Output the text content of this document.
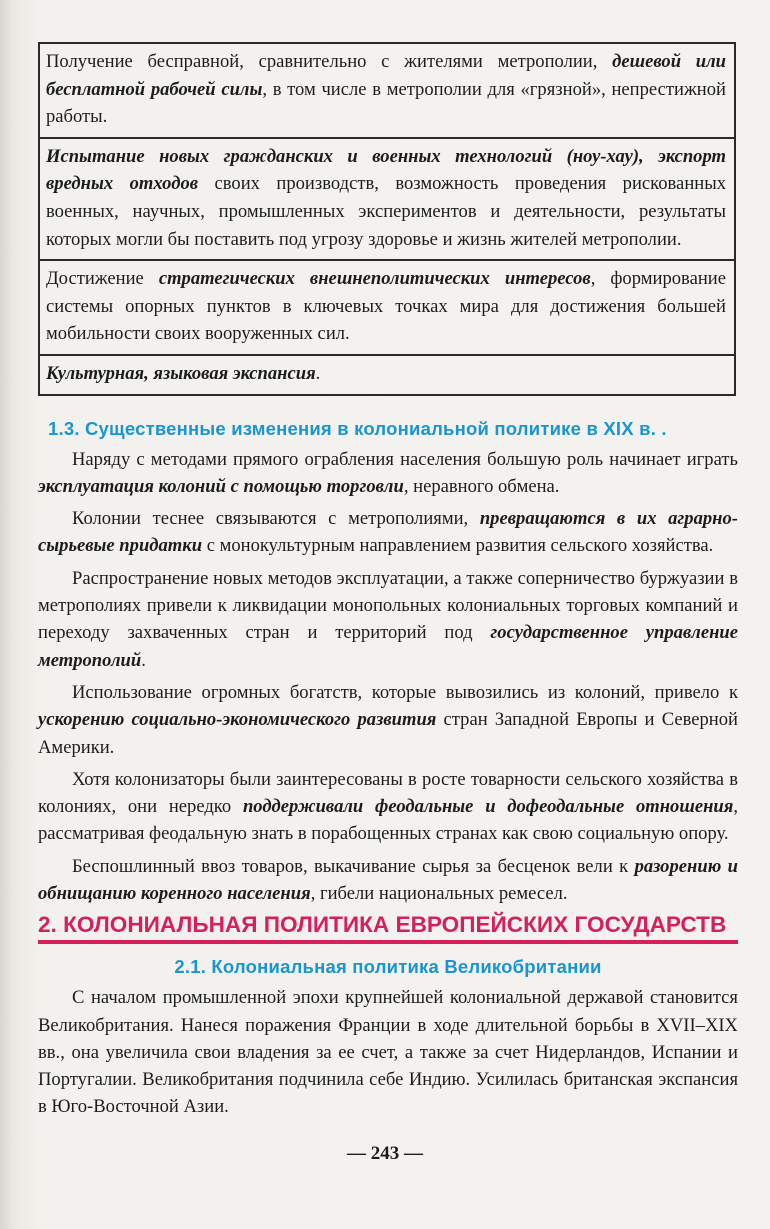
Получение бесправной, сравнительно с жителями метрополии, дешевой или бесплатной рабочей силы, в том числе в метрополии для «грязной», непрестижной работы.
Испытание новых гражданских и военных технологий (ноу-хау), экспорт вредных отходов своих производств, возможность проведения рискованных военных, научных, промышленных экспериментов и деятельности, результаты которых могли бы поставить под угрозу здоровье и жизнь жителей метрополии.
Достижение стратегических внешнеполитических интересов, формирование системы опорных пунктов в ключевых точках мира для достижения большей мобильности своих вооруженных сил.
Культурная, языковая экспансия.
1.3. Существенные изменения в колониальной политике в XIX в. .

Наряду с методами прямого ограбления населения большую роль начинает играть эксплуатация колоний с помощью торговли, неравного обмена.

Колонии теснее связываются с метрополиями, превращаются в их аграрно-сырьевые придатки с монокультурным направлением развития сельского хозяйства.

Распространение новых методов эксплуатации, а также соперничество буржуазии в метрополиях привели к ликвидации монопольных колониальных торговых компаний и переходу захваченных стран и территорий под государственное управление метрополий.

Использование огромных богатств, которые вывозились из колоний, привело к ускорению социально-экономического развития стран Западной Европы и Северной Америки.

Хотя колонизаторы были заинтересованы в росте товарности сельского хозяйства в колониях, они нередко поддерживали феодальные и дофеодальные отношения, рассматривая феодальную знать в порабощенных странах как свою социальную опору.

Беспошлинный ввоз товаров, выкачивание сырья за бесценок вели к разорению и обнищанию коренного населения, гибели национальных ремесел.

2. КОЛОНИАЛЬНАЯ ПОЛИТИКА ЕВРОПЕЙСКИХ ГОСУДАРСТВ
2.1. Колониальная политика Великобритании

С началом промышленной эпохи крупнейшей колониальной державой становится Великобритания. Нанеся поражения Франции в ходе длительной борьбы в XVII–XIX вв., она увеличила свои владения за ее счет, а также за счет Нидерландов, Испании и Португалии. Великобритания подчинила себе Индию. Усилилась британская экспансия в Юго-Восточной Азии.

— 243 —
